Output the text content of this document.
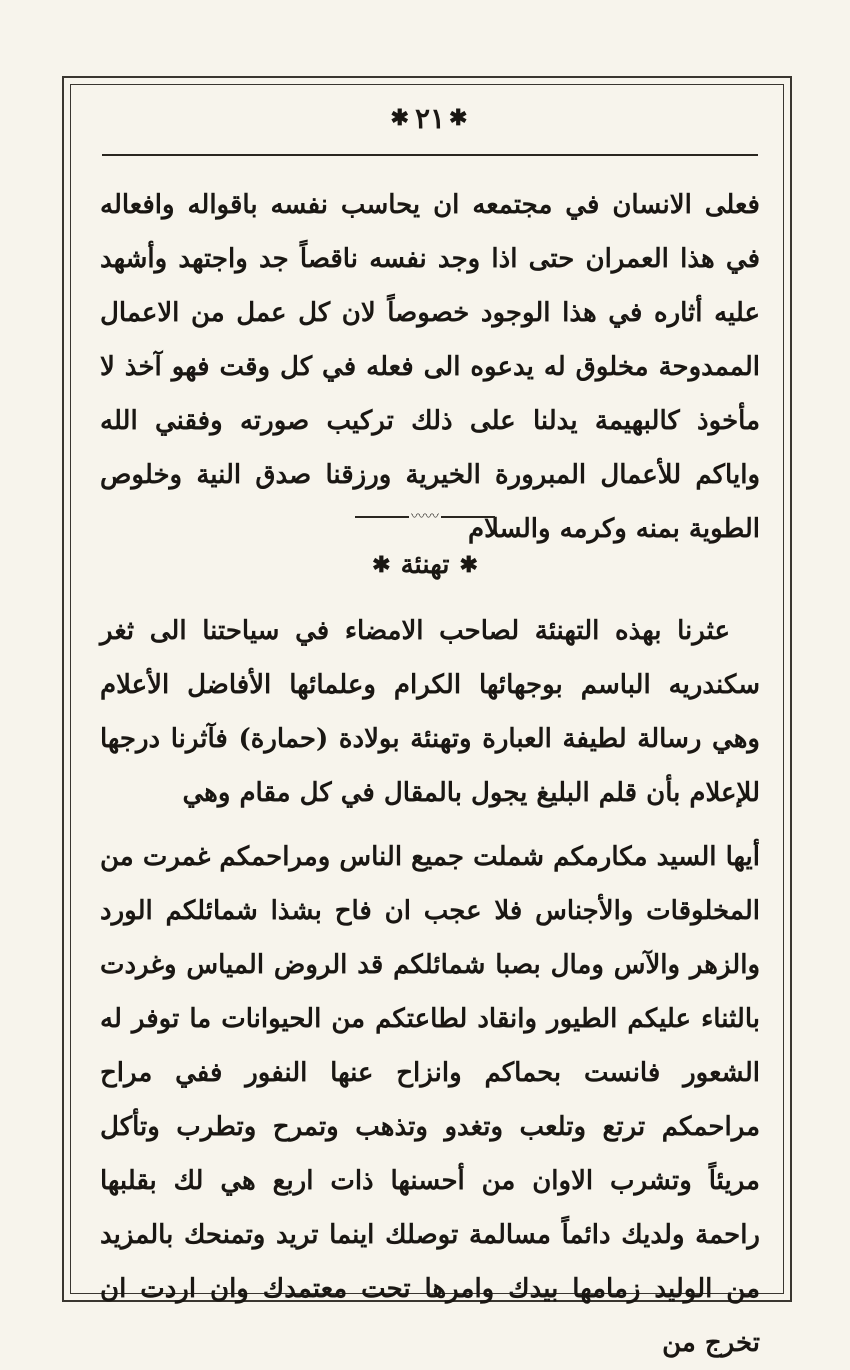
✱
٢١
✱

فعلى الانسان في مجتمعه ان يحاسب نفسه باقواله وافعاله في هذا العمران حتى اذا وجد نفسه ناقصاً جد واجتهد وأشهد عليه أثاره في هذا الوجود خصوصاً لان كل عمل من الاعمال الممدوحة مخلوق له يدعوه الى فعله في كل وقت فهو آخذ لا مأخوذ كالبهيمة يدلنا على ذلك تركيب صورته وفقني الله واياكم للأعمال المبرورة الخيرية ورزقنا صدق النية وخلوص الطوية بمنه وكرمه والسلام

〰〰
✱
تهنئة
✱

عثرنا بهذه التهنئة لصاحب الامضاء في سياحتنا الى ثغر سكندريه الباسم بوجهائها الكرام وعلمائها الأفاضل الأعلام وهي رسالة لطيفة العبارة وتهنئة بولادة (حمارة) فآثرنا درجها للإعلام بأن قلم البليغ يجول بالمقال في كل مقام وهي

أيها السيد مكارمكم شملت جميع الناس ومراحمكم غمرت من المخلوقات والأجناس فلا عجب ان فاح بشذا شمائلكم الورد والزهر والآس ومال بصبا شمائلكم قد الروض المياس وغردت بالثناء عليكم الطيور وانقاد لطاعتكم من الحيوانات ما توفر له الشعور فانست بحماكم وانزاح عنها النفور ففي مراح مراحمكم ترتع وتلعب وتغدو وتذهب وتمرح وتطرب وتأكل مريئاً وتشرب الاوان من أحسنها ذات اربع هي لك بقلبها راحمة ولديك دائماً مسالمة توصلك اينما تريد وتمنحك بالمزيد من الوليد زمامها بيدك وامرها تحت معتمدك وان اردت ان تخرج من
